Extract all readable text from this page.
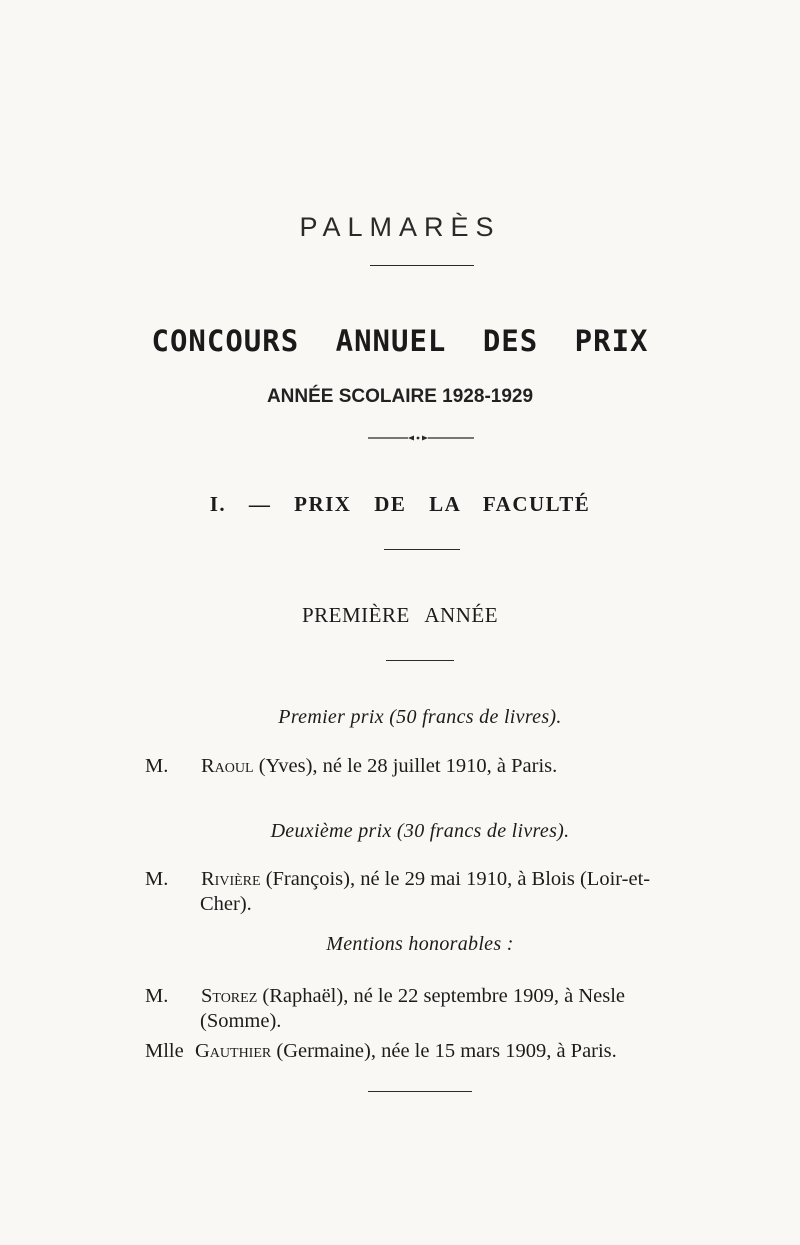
PALMARÈS
CONCOURS ANNUEL DES PRIX
ANNÉE SCOLAIRE 1928-1929
I. — PRIX DE LA FACULTÉ
PREMIÈRE ANNÉE
Premier prix (50 francs de livres).
M. Raoul (Yves), né le 28 juillet 1910, à Paris.
Deuxième prix (30 francs de livres).
M. Rivière (François), né le 29 mai 1910, à Blois (Loir-et-
Cher).
Mentions honorables :
M. Storez (Raphaël), né le 22 septembre 1909, à Nesle
(Somme).
Mlle Gauthier (Germaine), née le 15 mars 1909, à Paris.
